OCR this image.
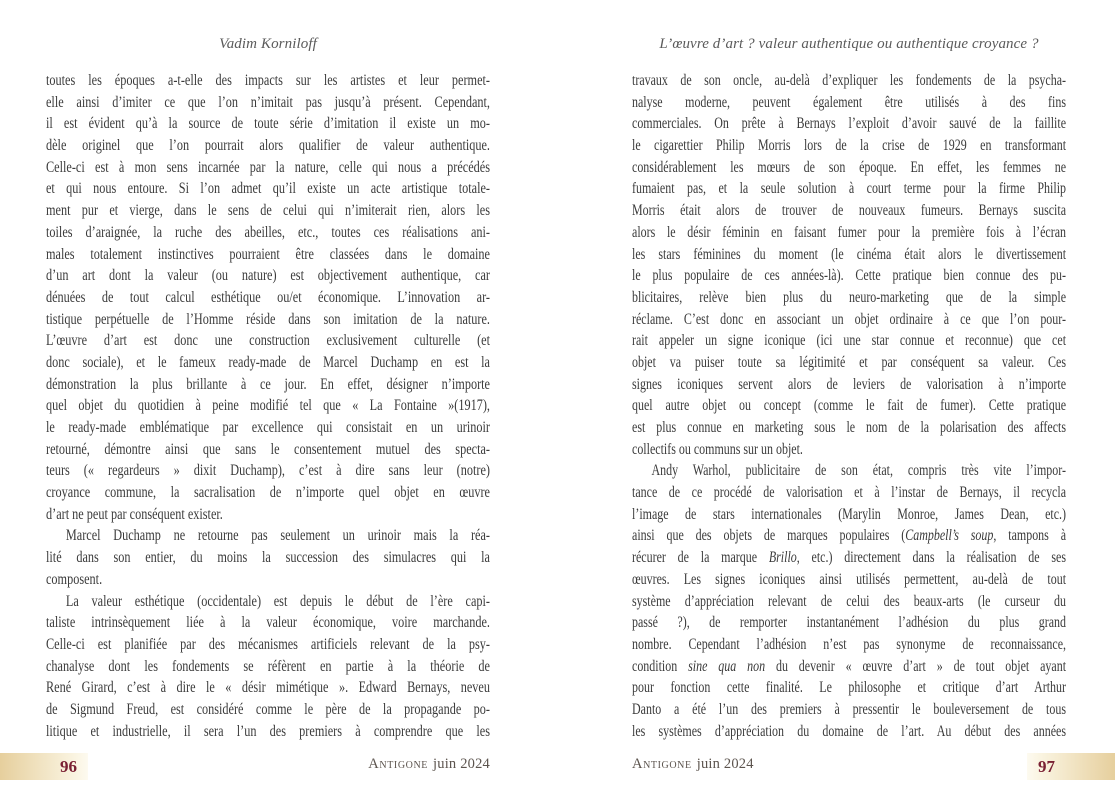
Vadim Korniloff	L’œuvre d’art ? valeur authentique ou authentique croyance ?
toutes les époques a-t-elle des impacts sur les artistes et leur permet-
elle ainsi d’imiter ce que l’on n’imitait pas jusqu’à présent. Cependant,
il est évident qu’à la source de toute série d’imitation il existe un mo-
dèle originel que l’on pourrait alors qualifier de valeur authentique.
Celle-ci est à mon sens incarnée par la nature, celle qui nous a précédés
et qui nous entoure. Si l’on admet qu’il existe un acte artistique totale-
ment pur et vierge, dans le sens de celui qui n’imiterait rien, alors les
toiles d’araignée, la ruche des abeilles, etc., toutes ces réalisations ani-
males totalement instinctives pourraient être classées dans le domaine
d’un art dont la valeur (ou nature) est objectivement authentique, car
dénuées de tout calcul esthétique ou/et économique. L’innovation ar-
tistique perpétuelle de l’Homme réside dans son imitation de la nature.
L’œuvre d’art est donc une construction exclusivement culturelle (et
donc sociale), et le fameux ready-made de Marcel Duchamp en est la
démonstration la plus brillante à ce jour. En effet, désigner n’importe
quel objet du quotidien à peine modifié tel que « La Fontaine »(1917),
le ready-made emblématique par excellence qui consistait en un urinoir
retourné, démontre ainsi que sans le consentement mutuel des specta-
teurs (« regardeurs » dixit Duchamp), c’est à dire sans leur (notre)
croyance commune, la sacralisation de n’importe quel objet en œuvre
d’art ne peut par conséquent exister.
Marcel Duchamp ne retourne pas seulement un urinoir mais la réa-
lité dans son entier, du moins la succession des simulacres qui la
composent.
La valeur esthétique (occidentale) est depuis le début de l’ère capi-
taliste intrinsèquement liée à la valeur économique, voire marchande.
Celle-ci est planifiée par des mécanismes artificiels relevant de la psy-
chanalyse dont les fondements se réfèrent en partie à la théorie de
René Girard, c’est à dire le « désir mimétique ». Edward Bernays, neveu
de Sigmund Freud, est considéré comme le père de la propagande po-
litique et industrielle, il sera l’un des premiers à comprendre que les
travaux de son oncle, au-delà d’expliquer les fondements de la psycha-
nalyse moderne, peuvent également être utilisés à des fins
commerciales. On prête à Bernays l’exploit d’avoir sauvé de la faillite
le cigarettier Philip Morris lors de la crise de 1929 en transformant
considérablement les mœurs de son époque. En effet, les femmes ne
fumaient pas, et la seule solution à court terme pour la firme Philip
Morris était alors de trouver de nouveaux fumeurs. Bernays suscita
alors le désir féminin en faisant fumer pour la première fois à l’écran
les stars féminines du moment (le cinéma était alors le divertissement
le plus populaire de ces années-là). Cette pratique bien connue des pu-
blicitaires, relève bien plus du neuro-marketing que de la simple
réclame. C’est donc en associant un objet ordinaire à ce que l’on pour-
rait appeler un signe iconique (ici une star connue et reconnue) que cet
objet va puiser toute sa légitimité et par conséquent sa valeur. Ces
signes iconiques servent alors de leviers de valorisation à n’importe
quel autre objet ou concept (comme le fait de fumer). Cette pratique
est plus connue en marketing sous le nom de la polarisation des affects
collectifs ou communs sur un objet.
Andy Warhol, publicitaire de son état, compris très vite l’impor-
tance de ce procédé de valorisation et à l’instar de Bernays, il recycla
l’image de stars internationales (Marylin Monroe, James Dean, etc.)
ainsi que des objets de marques populaires (Campbell’s soup, tampons à
récurer de la marque Brillo, etc.) directement dans la réalisation de ses
œuvres. Les signes iconiques ainsi utilisés permettent, au-delà de tout
système d’appréciation relevant de celui des beaux-arts (le curseur du
passé ?), de remporter instantanément l’adhésion du plus grand
nombre. Cependant l’adhésion n’est pas synonyme de reconnaissance,
condition sine qua non du devenir « œuvre d’art » de tout objet ayant
pour fonction cette finalité. Le philosophe et critique d’art Arthur
Danto a été l’un des premiers à pressentir le bouleversement de tous
les systèmes d’appréciation du domaine de l’art. Au début des années
96	Antigone juin 2024	Antigone juin 2024	97
